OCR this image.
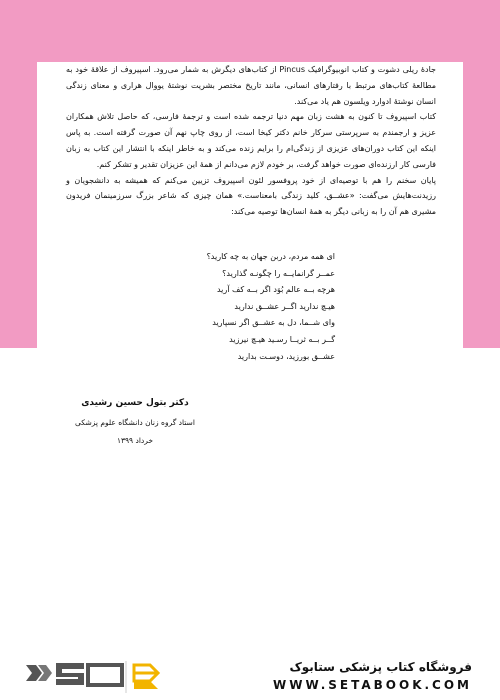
جادهٔ ریلی دشوت و کتاب انوبیوگرافیک Pincus از کتاب‌های دیگرش به شمار می‌رود. اسپیروف از علاقهٔ خود به مطالعهٔ کتاب‌های مرتبط با رفتارهای انسانی، مانند تاریخ مختصر بشریت نوشتهٔ یووال هراری و معنای زندگی انسان نوشتهٔ ادوارد ویلسون هم یاد می‌کند.

کتاب اسپیروف تا کنون به هشت زبان مهم دنیا ترجمه شده است و ترجمهٔ فارسی، که حاصل تلاش همکاران عزیز و ارجمندم به سرپرستی سرکار خانم دکتر کیخا است، از روی چاپ نهم آن صورت گرفته است. به پاس اینکه این کتاب دوران‌های عزیزی از زندگی‌ام را برایم زنده می‌کند و به خاطر اینکه با انتشار این کتاب به زبان فارسی کار ارزنده‌ای صورت خواهد گرفت، بر خودم لازم می‌دانم از همهٔ این عزیزان تقدیر و تشکر کنم.

پایان سخنم را هم با توصیه‌ای از خود پروفسور لئون اسپیروف تزیین می‌کنم که همیشه به دانشجویان و رزیدنت‌هایش می‌گفت: «عشــق، کلید زندگی بامعناست.» همان چیزی که شاعر بزرگ سرزمینمان فریدون مشیری هم آن را به زبانی دیگر به همهٔ انسان‌ها توصیه می‌کند:

ای همه مردم، دربن جهان به چه کارید؟
عمــر گرانمایــه را چگونـه گذارید؟
هرچه بــه عالم بُوَد اگر بــه کف آرید
هیـچ ندارید اگــر عشــق ندارید
وای شــما، دل به عشــق اگر نسپارید
گــر بــه ثریــا رسـید هیـچ نیرزید
عشــق بورزید، دوسـت بدارید
دکتر بتول حسین رشیدی
استاد گروه زنان دانشگاه علوم پزشکی
خرداد ۱۳۹۹
فروشگاه کتاب پزشکی ستابوک
WWW.SETABOOK.COM
